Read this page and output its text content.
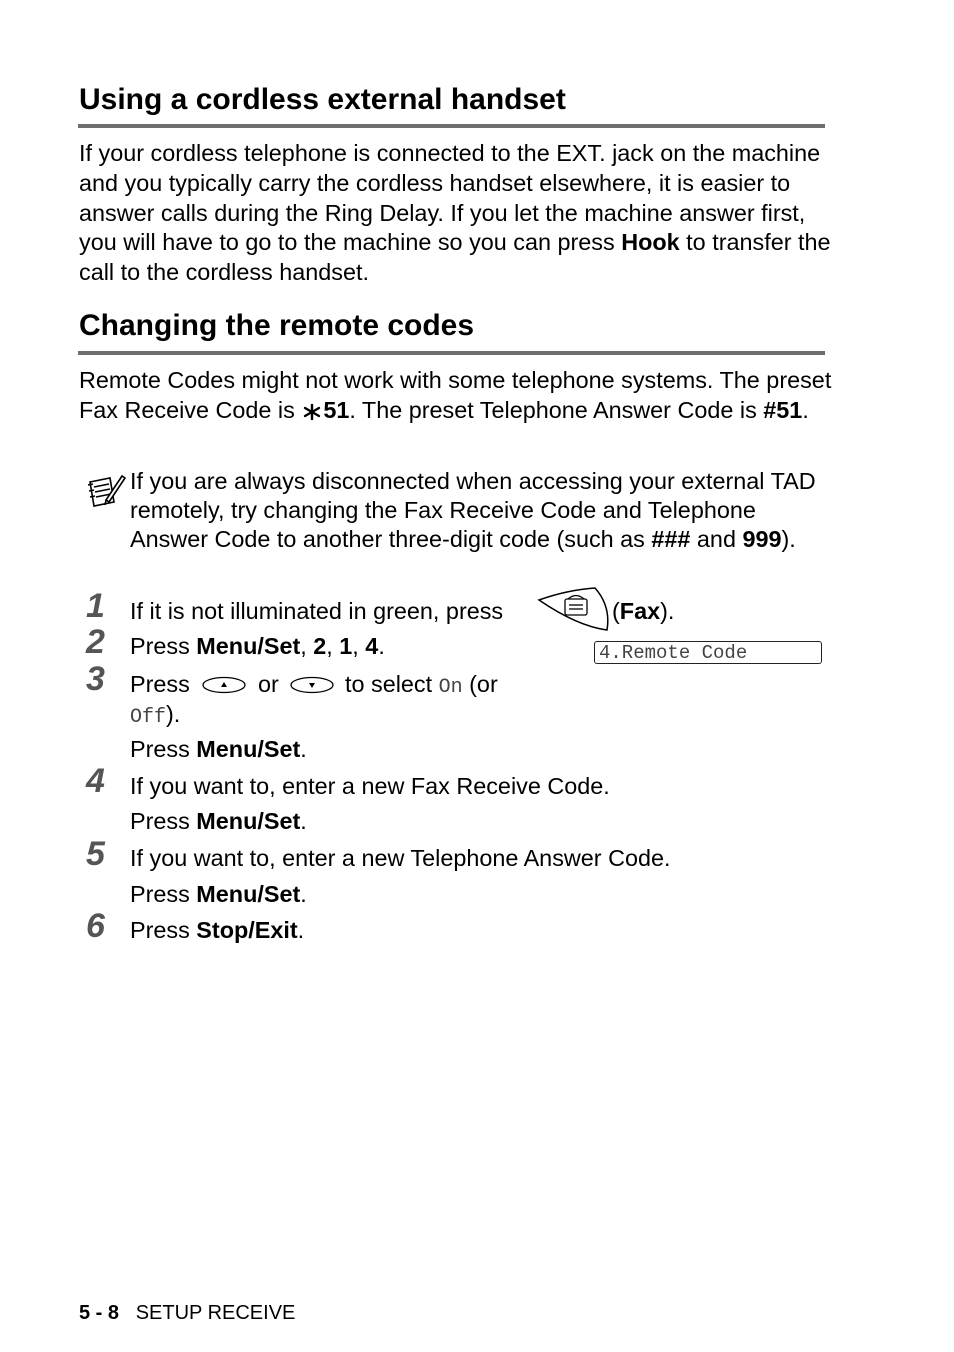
Using a cordless external handset
If your cordless telephone is connected to the EXT. jack on the machine and you typically carry the cordless handset elsewhere, it is easier to answer calls during the Ring Delay. If you let the machine answer first, you will have to go to the machine so you can press Hook to transfer the call to the cordless handset.
Changing the remote codes
Remote Codes might not work with some telephone systems. The preset Fax Receive Code is 51. The preset Telephone Answer Code is #51.
If you are always disconnected when accessing your external TAD remotely, try changing the Fax Receive Code and Telephone Answer Code to another three-digit code (such as ### and 999).
4.Remote Code
1 If it is not illuminated in green, press	(Fax).
2 Press Menu/Set, 2, 1, 4.
3 Press	or	to select On (or
Off).
Press Menu/Set.
4 If you want to, enter a new Fax Receive Code.
Press Menu/Set.
5 If you want to, enter a new Telephone Answer Code.
Press Menu/Set.
6 Press Stop/Exit.
5 - 8 SETUP RECEIVE
